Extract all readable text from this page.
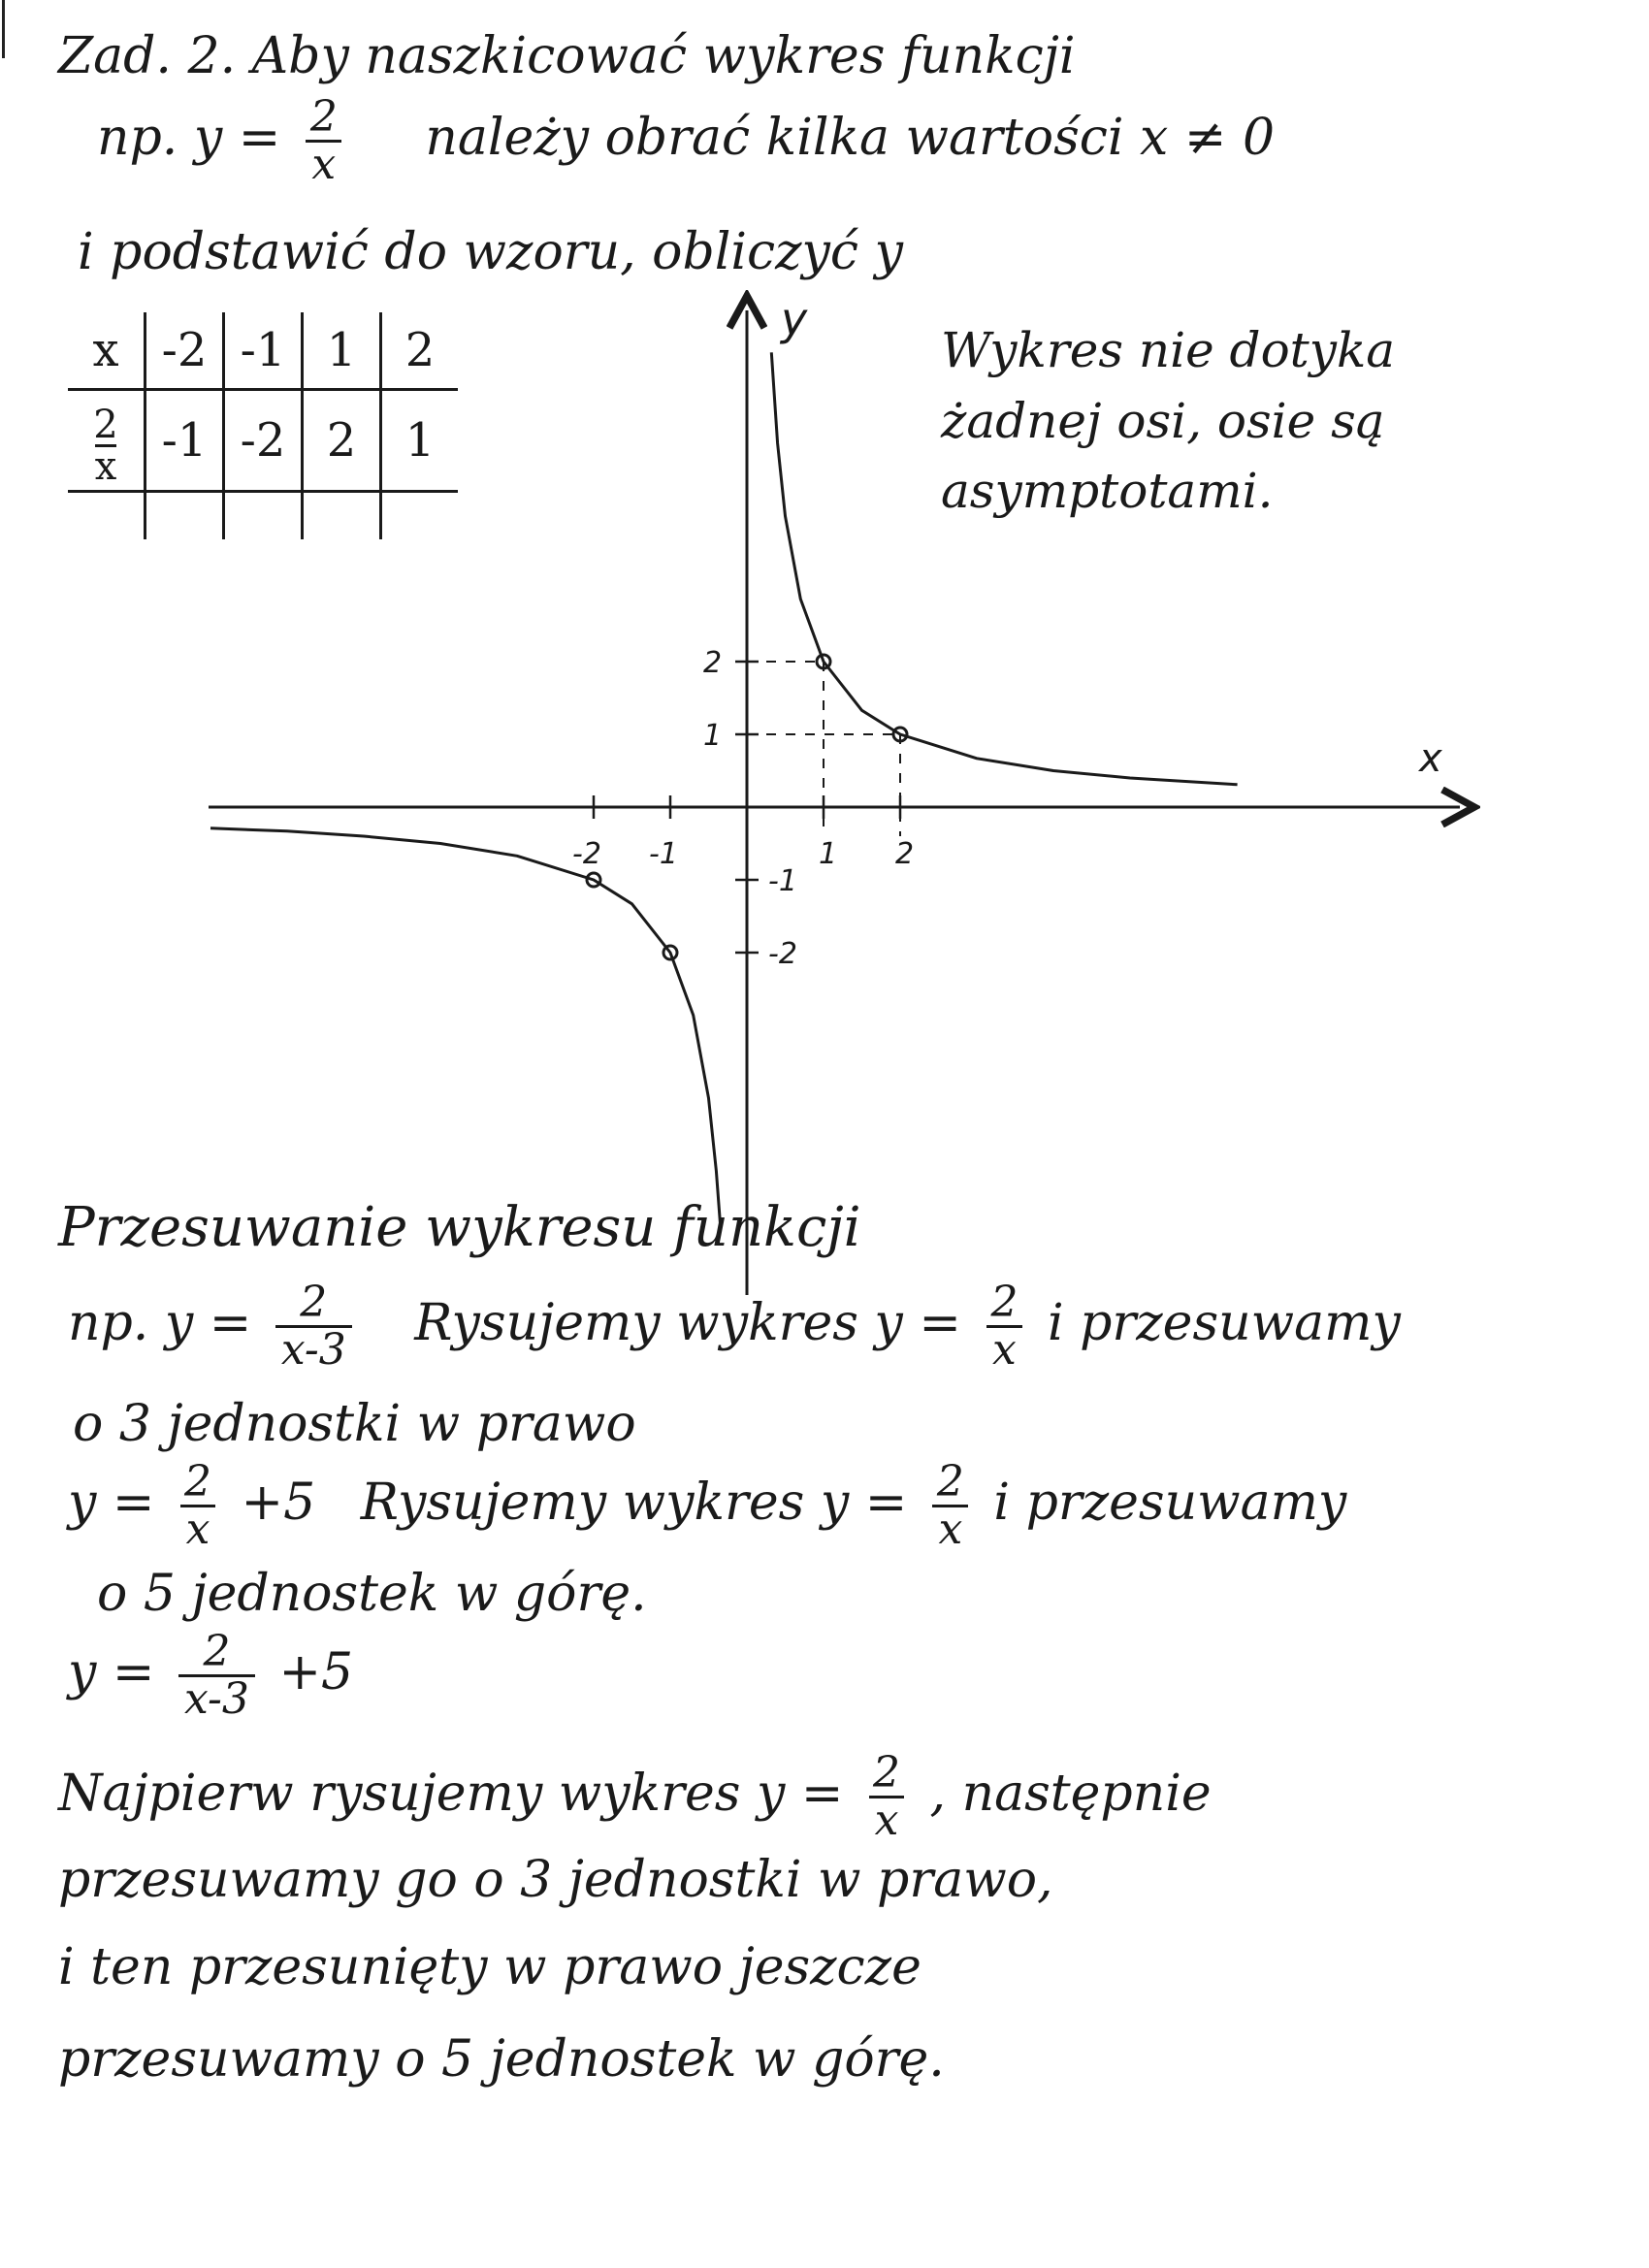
Zad. 2. Aby naszkicować wykres funkcji
np. $y = \frac{2}{x}$ należy obrać kilka wartości x ≠ 0
i podstawić do wzoru, obliczyć y
x	-2	-1	1	2

$\frac{2}{x}$	-1	-2	2	1

Wykres nie dotyka
żadnej osi, osie są
asymptotami.
x
y
-2 -1	1 2
2
1
-1
-2
Przesuwanie wykresu funkcji
np. $y = \frac{2}{x-3}$ Rysujemy wykres $y = \frac{2}{x}$ i przesuwamy
o 3 jednostki w prawo
$y = \frac{2}{x} +5$ Rysujemy wykres $y = \frac{2}{x}$ i przesuwamy
o 5 jednostek w górę.
$y = \frac{2}{x-3} +5$
Najpierw rysujemy wykres $y = \frac{2}{x}$ , następnie
przesuwamy go o 3 jednostki w prawo,
i ten przesunięty w prawo jeszcze
przesuwamy o 5 jednostek w górę.
